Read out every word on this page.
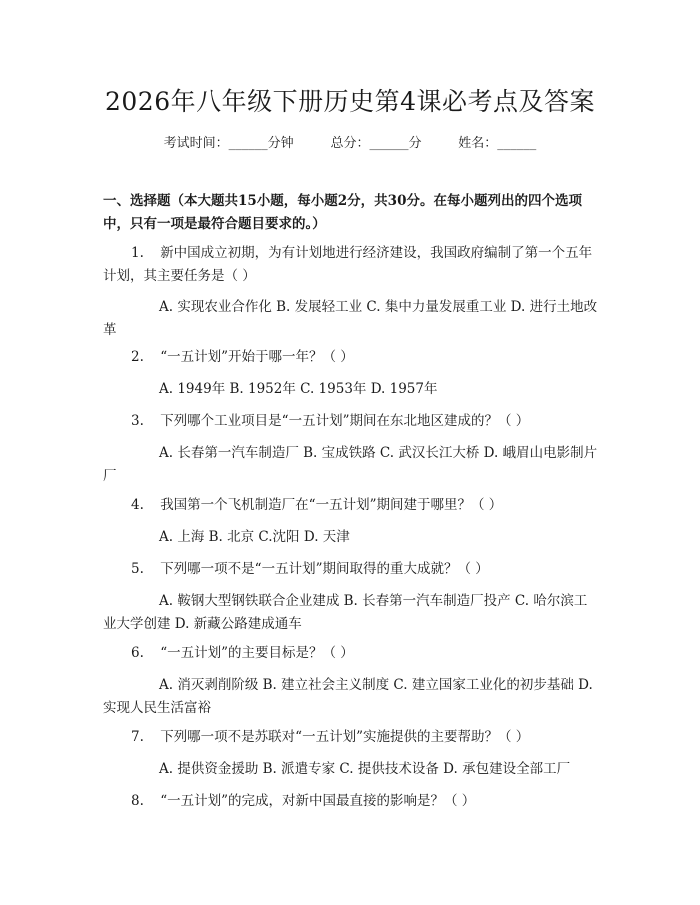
2026年八年级下册历史第4课必考点及答案
考试时间：______分钟	总分：______分	姓名：______
一、选择题（本大题共15小题，每小题2分，共30分。在每小题列出的四个选项中，只有一项是最符合题目要求的。）
1. 新中国成立初期，为有计划地进行经济建设，我国政府编制了第一个五年计划，其主要任务是（ ）
A. 实现农业合作化 B. 发展轻工业 C. 集中力量发展重工业 D. 进行土地改革
2. “一五计划”开始于哪一年？（ ）
A. 1949年 B. 1952年 C. 1953年 D. 1957年
3. 下列哪个工业项目是“一五计划”期间在东北地区建成的？（ ）
A. 长春第一汽车制造厂 B. 宝成铁路 C. 武汉长江大桥 D. 峨眉山电影制片厂
4. 我国第一个飞机制造厂在“一五计划”期间建于哪里？（ ）
A. 上海 B. 北京 C.沈阳 D. 天津
5. 下列哪一项不是“一五计划”期间取得的重大成就？（ ）
A. 鞍钢大型钢铁联合企业建成 B. 长春第一汽车制造厂投产 C. 哈尔滨工业大学创建 D. 新藏公路建成通车
6. “一五计划”的主要目标是？（ ）
A. 消灭剥削阶级 B. 建立社会主义制度 C. 建立国家工业化的初步基础 D. 实现人民生活富裕
7. 下列哪一项不是苏联对“一五计划”实施提供的主要帮助？（ ）
A. 提供资金援助 B. 派遣专家 C. 提供技术设备 D. 承包建设全部工厂
8. “一五计划”的完成，对新中国最直接的影响是？（ ）
